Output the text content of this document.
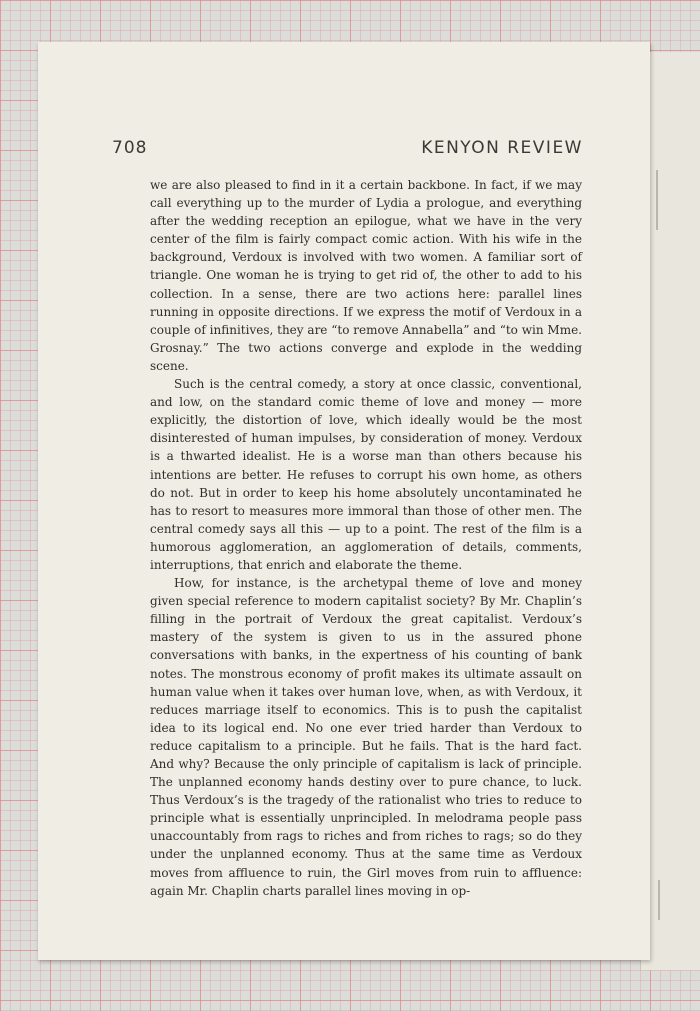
708	KENYON REVIEW

we are also pleased to find in it a certain backbone. In fact, if we may call everything up to the murder of Lydia a prologue, and everything after the wedding reception an epilogue, what we have in the very center of the film is fairly compact comic action. With his wife in the background, Verdoux is involved with two women. A familiar sort of triangle. One woman he is trying to get rid of, the other to add to his collection. In a sense, there are two actions here: parallel lines running in opposite directions. If we express the motif of Verdoux in a couple of infinitives, they are “to remove Annabella” and “to win Mme. Grosnay.” The two actions converge and explode in the wedding scene.

Such is the central comedy, a story at once classic, conventional, and low, on the standard comic theme of love and money — more explicitly, the distortion of love, which ideally would be the most disinterested of human impulses, by consideration of money. Verdoux is a thwarted idealist. He is a worse man than others because his intentions are better. He refuses to corrupt his own home, as others do not. But in order to keep his home absolutely uncontaminated he has to resort to measures more immoral than those of other men. The central comedy says all this — up to a point. The rest of the film is a humorous agglomeration, an agglomeration of details, comments, interruptions, that enrich and elaborate the theme.

How, for instance, is the archetypal theme of love and money given special reference to modern capitalist society? By Mr. Chaplin’s filling in the portrait of Verdoux the great capitalist. Verdoux’s mastery of the system is given to us in the assured phone conversations with banks, in the expertness of his counting of bank notes. The monstrous economy of profit makes its ultimate assault on human value when it takes over human love, when, as with Verdoux, it reduces marriage itself to economics. This is to push the capitalist idea to its logical end. No one ever tried harder than Verdoux to reduce capitalism to a principle. But he fails. That is the hard fact. And why? Because the only principle of capitalism is lack of principle. The unplanned economy hands destiny over to pure chance, to luck. Thus Verdoux’s is the tragedy of the rationalist who tries to reduce to principle what is essentially unprincipled. In melodrama people pass unaccountably from rags to riches and from riches to rags; so do they under the unplanned economy. Thus at the same time as Verdoux moves from affluence to ruin, the Girl moves from ruin to affluence: again Mr. Chaplin charts parallel lines moving in op-
